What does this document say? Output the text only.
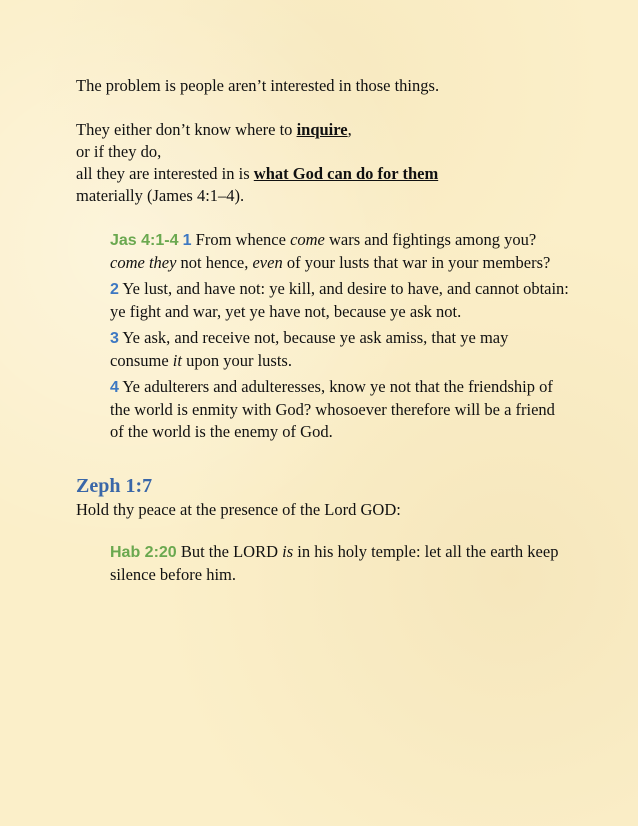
The problem is people aren’t interested in those things.

They either don’t know where to inquire,

or if they do,

all they are interested in is what God can do for them

materially (James 4:1–4).

Jas 4:1-4 1 From whence come wars and fightings among you? come they not hence, even of your lusts that war in your members?

2 Ye lust, and have not: ye kill, and desire to have, and cannot obtain: ye fight and war, yet ye have not, because ye ask not.

3 Ye ask, and receive not, because ye ask amiss, that ye may consume it upon your lusts.

4 Ye adulterers and adulteresses, know ye not that the friendship of the world is enmity with God? whosoever therefore will be a friend of the world is the enemy of God.

Zeph 1:7

Hold thy peace at the presence of the Lord GOD:

Hab 2:20 But the LORD is in his holy temple: let all the earth keep silence before him.
